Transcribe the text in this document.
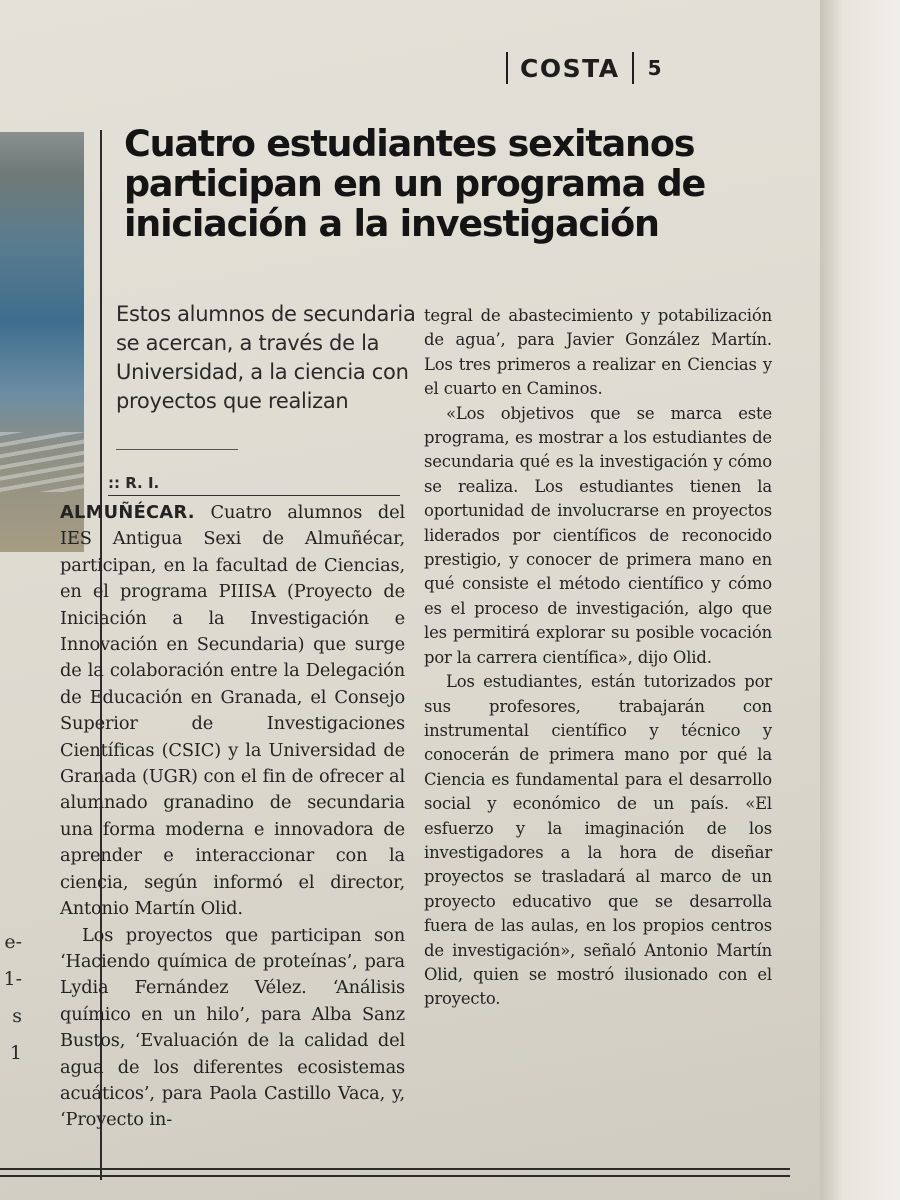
e-
1-
s
1
COSTA 5
Cuatro estudiantes sexitanos participan en un programa de iniciación a la investigación

Estos alumnos de secundaria se acercan, a través de la Universidad, a la ciencia con proyectos que realizan

:: R. I.

ALMUÑÉCAR. Cuatro alumnos del IES Antigua Sexi de Almuñécar, participan, en la facultad de Ciencias, en el programa PIIISA (Proyecto de Iniciación a la Investigación e Innovación en Secundaria) que surge de la colaboración entre la Delegación de Educación en Granada, el Consejo Superior de Investigaciones Científicas (CSIC) y la Universidad de Granada (UGR) con el fin de ofrecer al alumnado granadino de secundaria una forma moderna e innovadora de aprender e interaccionar con la ciencia, según informó el director, Antonio Martín Olid.

Los proyectos que participan son ‘Haciendo química de proteínas’, para Lydia Fernández Vélez. ‘Análisis químico en un hilo’, para Alba Sanz Bustos, ‘Evaluación de la calidad del agua de los diferentes ecosistemas acuáticos’, para Paola Castillo Vaca, y, ‘Proyecto in-

tegral de abastecimiento y potabilización de agua’, para Javier González Martín. Los tres primeros a realizar en Ciencias y el cuarto en Caminos.

«Los objetivos que se marca este programa, es mostrar a los estudiantes de secundaria qué es la investigación y cómo se realiza. Los estudiantes tienen la oportunidad de involucrarse en proyectos liderados por científicos de reconocido prestigio, y conocer de primera mano en qué consiste el método científico y cómo es el proceso de investigación, algo que les permitirá explorar su posible vocación por la carrera científica», dijo Olid.

Los estudiantes, están tutorizados por sus profesores, trabajarán con instrumental científico y técnico y conocerán de primera mano por qué la Ciencia es fundamental para el desarrollo social y económico de un país. «El esfuerzo y la imaginación de los investigadores a la hora de diseñar proyectos se trasladará al marco de un proyecto educativo que se desarrolla fuera de las aulas, en los propios centros de investigación», señaló Antonio Martín Olid, quien se mostró ilusionado con el proyecto.
